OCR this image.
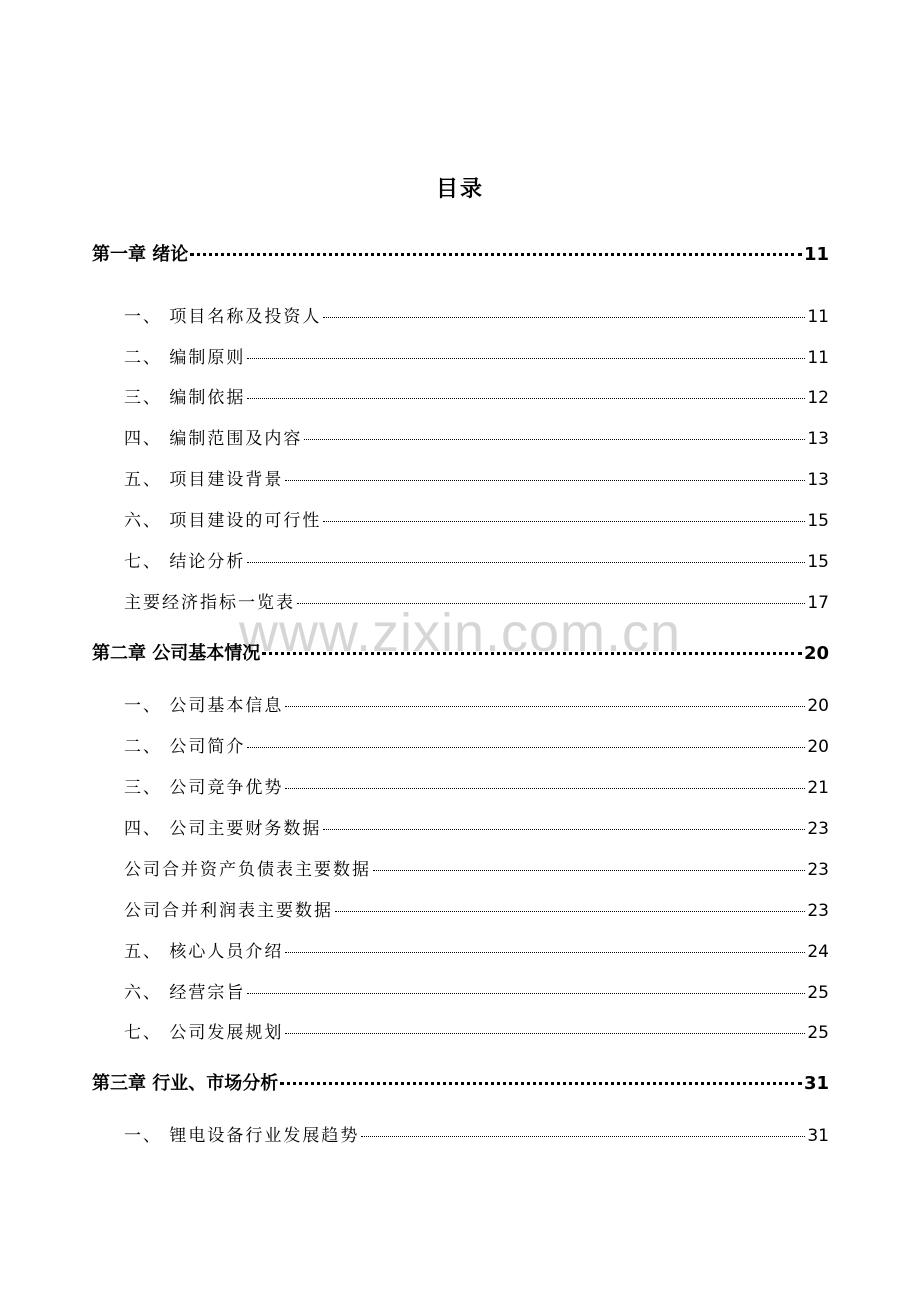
目录
www.zixin.com.cn
第一章 绪论	11
一、 项目名称及投资人	11
二、 编制原则	11
三、 编制依据	12
四、 编制范围及内容	13
五、 项目建设背景	13
六、 项目建设的可行性	15
七、 结论分析	15
主要经济指标一览表	17
第二章 公司基本情况	20
一、 公司基本信息	20
二、 公司简介	20
三、 公司竞争优势	21
四、 公司主要财务数据	23
公司合并资产负债表主要数据	23
公司合并利润表主要数据	23
五、 核心人员介绍	24
六、 经营宗旨	25
七、 公司发展规划	25
第三章 行业、市场分析	31
一、 锂电设备行业发展趋势	31
